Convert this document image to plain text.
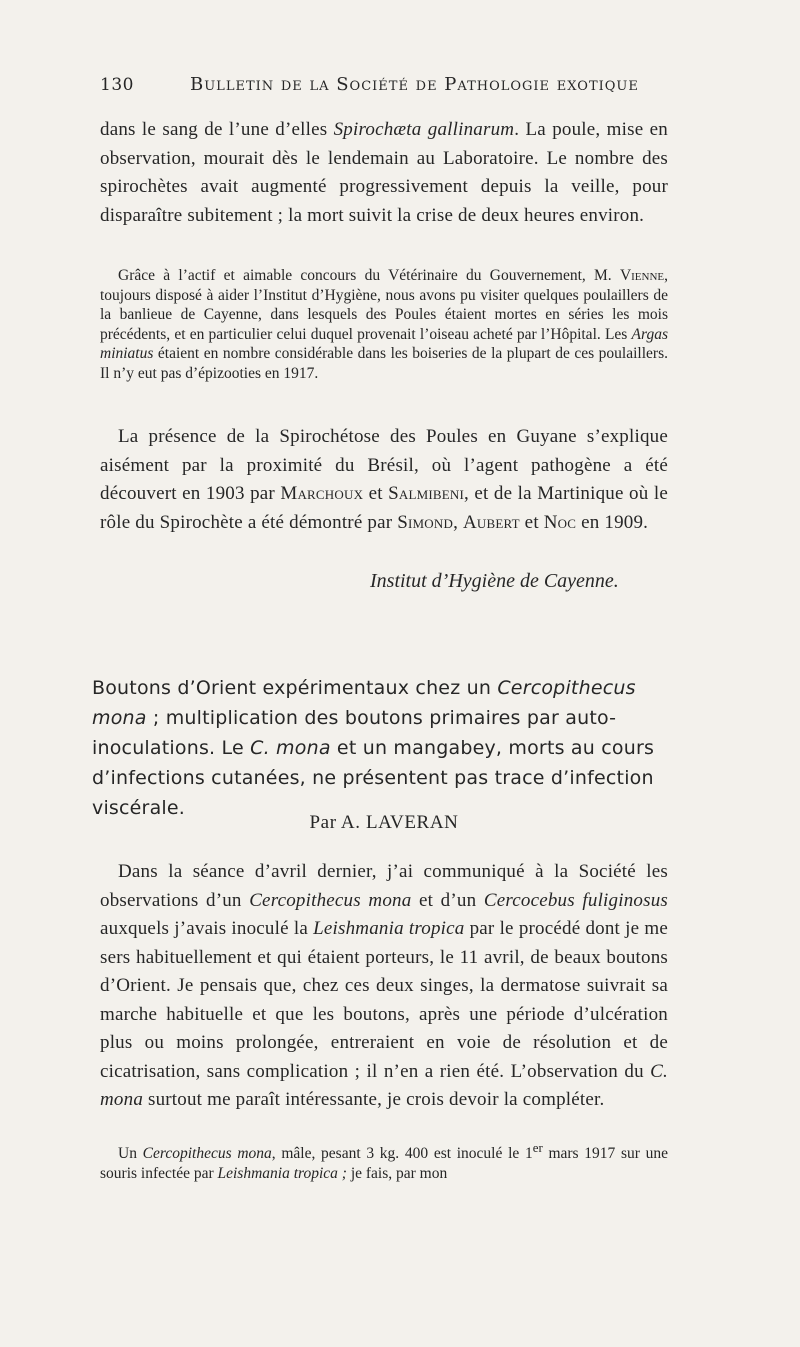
130	Bulletin de la Société de Pathologie exotique

dans le sang de l’une d’elles Spirochæta gallinarum. La poule, mise en observation, mourait dès le lendemain au Laboratoire. Le nombre des spirochètes avait augmenté progressivement depuis la veille, pour disparaître subitement ; la mort suivit la crise de deux heures environ.

Grâce à l’actif et aimable concours du Vétérinaire du Gouvernement, M. Vienne, toujours disposé à aider l’Institut d’Hygiène, nous avons pu visiter quelques poulaillers de la banlieue de Cayenne, dans lesquels des Poules étaient mortes en séries les mois précédents, et en particulier celui duquel provenait l’oiseau acheté par l’Hôpital. Les Argas miniatus étaient en nombre considérable dans les boiseries de la plupart de ces poulaillers. Il n’y eut pas d’épizooties en 1917.

La présence de la Spirochétose des Poules en Guyane s’explique aisément par la proximité du Brésil, où l’agent pathogène a été découvert en 1903 par Marchoux et Salmibeni, et de la Martinique où le rôle du Spirochète a été démontré par Simond, Aubert et Noc en 1909.

Institut d’Hygiène de Cayenne.

Boutons d’Orient expérimentaux chez un Cercopithecus mona ; multiplication des boutons primaires par auto-inoculations. Le C. mona et un mangabey, morts au cours d’infections cutanées, ne présentent pas trace d’infection viscérale.

Par A. LAVERAN

Dans la séance d’avril dernier, j’ai communiqué à la Société les observations d’un Cercopithecus mona et d’un Cercocebus fuliginosus auxquels j’avais inoculé la Leishmania tropica par le procédé dont je me sers habituellement et qui étaient porteurs, le 11 avril, de beaux boutons d’Orient. Je pensais que, chez ces deux singes, la dermatose suivrait sa marche habituelle et que les boutons, après une période d’ulcération plus ou moins prolongée, entreraient en voie de résolution et de cicatrisation, sans complication ; il n’en a rien été. L’observation du C. mona surtout me paraît intéressante, je crois devoir la compléter.

Un Cercopithecus mona, mâle, pesant 3 kg. 400 est inoculé le 1er mars 1917 sur une souris infectée par Leishmania tropica ; je fais, par mon
